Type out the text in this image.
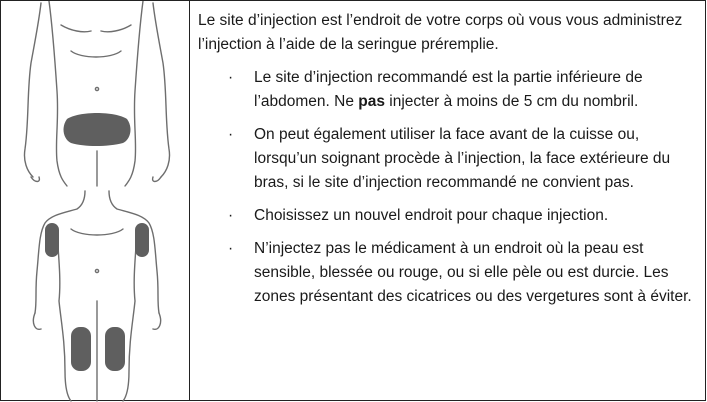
Le site d’injection est l’endroit de votre corps où vous vous administrez l’injection à l’aide de la seringue préremplie.

· Le site d’injection recommandé est la partie inférieure de l’abdomen. Ne pas injecter à moins de 5 cm du nombril.
· On peut également utiliser la face avant de la cuisse ou, lorsqu’un soignant procède à l’injection, la face extérieure du bras, si le site d’injection recommandé ne convient pas.
· Choisissez un nouvel endroit pour chaque injection.
· N’injectez pas le médicament à un endroit où la peau est sensible, blessée ou rouge, ou si elle pèle ou est durcie. Les zones présentant des cicatrices ou des vergetures sont à éviter.
